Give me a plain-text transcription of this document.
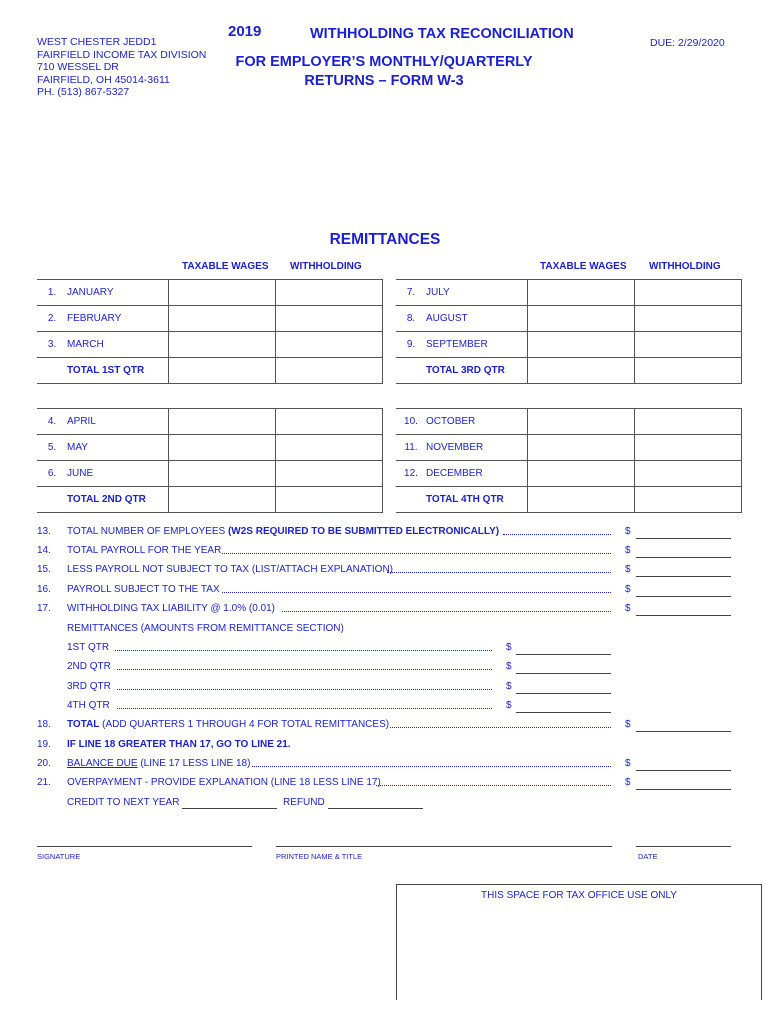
WEST CHESTER JEDD1
FAIRFIELD INCOME TAX DIVISION
710 WESSEL DR
FAIRFIELD, OH 45014-3611
PH. (513) 867-5327
2019	WITHHOLDING TAX RECONCILIATION
FOR EMPLOYER’S MONTHLY/QUARTERLY
RETURNS – FORM W-3
DUE: 2/29/2020
REMITTANCES
TAXABLE WAGES WITHHOLDING	TAXABLE WAGES WITHHOLDING
1.	JANUARY		
2.	FEBRUARY		
3.	MARCH		
	TOTAL 1ST QTR		
7.	JULY		
8.	AUGUST		
9.	SEPTEMBER		
	TOTAL 3RD QTR		
4.	APRIL		
5.	MAY		
6.	JUNE		
	TOTAL 2ND QTR		
10.	OCTOBER		
11.	NOVEMBER		
12.	DECEMBER		
	TOTAL 4TH QTR		
13. TOTAL NUMBER OF EMPLOYEES (W2S REQUIRED TO BE SUBMITTED ELECTRONICALLY)	$
14. TOTAL PAYROLL FOR THE YEAR	$
15. LESS PAYROLL NOT SUBJECT TO TAX (LIST/ATTACH EXPLANATION)	$
16. PAYROLL SUBJECT TO THE TAX	$
17. WITHHOLDING TAX LIABILITY @ 1.0% (0.01)	$
REMITTANCES (AMOUNTS FROM REMITTANCE SECTION)
1ST QTR	$
2ND QTR	$
3RD QTR	$
4TH QTR	$
18. TOTAL (ADD QUARTERS 1 THROUGH 4 FOR TOTAL REMITTANCES)	$
19. IF LINE 18 GREATER THAN 17, GO TO LINE 21.
20. BALANCE DUE (LINE 17 LESS LINE 18)	$
21. OVERPAYMENT - PROVIDE EXPLANATION (LINE 18 LESS LINE 17)	$
CREDIT TO NEXT YEAR	REFUND
SIGNATURE	PRINTED NAME & TITLE	DATE
THIS SPACE FOR TAX OFFICE USE ONLY
